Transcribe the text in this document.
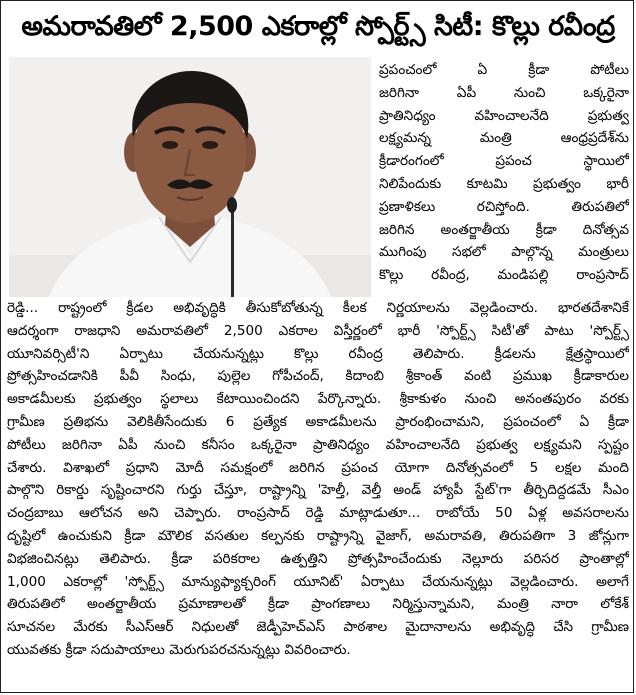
అమరావతిలో 2,500 ఎకరాల్లో స్పోర్ట్స్ సిటీ: కొల్లు రవీంద్ర
ప్రపంచంలో ఏ క్రీడా పోటీలు
జరిగినా ఏపీ నుంచి ఒక్కరైనా
ప్రాతినిధ్యం వహించాలనేది ప్రభుత్వ
లక్ష్యమన్న మంత్రి ఆంధ్రప్రదేశ్‌ను
క్రీడారంగంలో ప్రపంచ స్థాయిలో
నిలిపేందుకు కూటమి ప్రభుత్వం భారీ
ప్రణాళికలు రచిస్తోంది. తిరుపతిలో
జరిగిన అంతర్జాతీయ క్రీడా దినోత్సవ
ముగింపు సభలో పాల్గొన్న మంత్రులు
కొల్లు రవీంద్ర, మండిపల్లి రాంప్రసాద్
రెడ్డి... రాష్ట్రంలో క్రీడల అభివృద్ధికి తీసుకోబోతున్న కీలక నిర్ణయాలను వెల్లడించారు. భారతదేశానికే
ఆదర్శంగా రాజధాని అమరావతిలో 2,500 ఎకరాల విస్తీర్ణంలో భారీ 'స్పోర్ట్స్ సిటీ'తో పాటు 'స్పోర్ట్స్
యూనివర్సిటీ'ని ఏర్పాటు చేయనున్నట్లు కొల్లు రవీంద్ర తెలిపారు. క్రీడలను క్షేత్రస్థాయిలో
ప్రోత్సహించడానికి పీవీ సింధు, పుల్లెల గోపీచంద్, కిదాంబి శ్రీకాంత్ వంటి ప్రముఖ క్రీడాకారుల
అకాడమీలకు ప్రభుత్వం స్థలాలు కేటాయించిందని పేర్కొన్నారు. శ్రీకాకుళం నుంచి అనంతపురం వరకు
గ్రామీణ ప్రతిభను వెలికితీసేందుకు 6 ప్రత్యేక అకాడమీలను ప్రారంభించామని, ప్రపంచంలో ఏ క్రీడా
పోటీలు జరిగినా ఏపీ నుంచి కనీసం ఒక్కరైనా ప్రాతినిధ్యం వహించాలనేది ప్రభుత్వ లక్ష్యమని స్పష్టం
చేశారు. విశాఖలో ప్రధాని మోదీ సమక్షంలో జరిగిన ప్రపంచ యోగా దినోత్సవంలో 5 లక్షల మంది
పాల్గొని రికార్డు సృష్టించారని గుర్తు చేస్తూ, రాష్ట్రాన్ని 'హెల్తీ, వెల్తీ అండ్ హ్యాపీ స్టేట్'గా తీర్చిదిద్దడమే సీఎం
చంద్రబాబు ఆలోచన అని చెప్పారు. రాంప్రసాద్ రెడ్డి మాట్లాడుతూ... రాబోయే 50 ఏళ్ల అవసరాలను
దృష్టిలో ఉంచుకుని క్రీడా మౌలిక వసతుల కల్పనకు రాష్ట్రాన్ని వైజాగ్, అమరావతి, తిరుపతిగా 3 జోన్లుగా
విభజించినట్లు తెలిపారు. క్రీడా పరికరాల ఉత్పత్తిని ప్రోత్సహించేందుకు నెల్లూరు పరిసర ప్రాంతాల్లో
1,000 ఎకరాల్లో 'స్పోర్ట్స్ మాన్యుఫ్యాక్చరింగ్ యూనిట్' ఏర్పాటు చేయనున్నట్లు వెల్లడించారు. అలాగే
తిరుపతిలో అంతర్జాతీయ ప్రమాణాలతో క్రీడా ప్రాంగణాలు నిర్మిస్తున్నామని, మంత్రి నారా లోకేశ్
సూచనల మేరకు సీఎస్ఆర్ నిధులతో జెడ్పీహెచ్ఎస్ పాఠశాల మైదానాలను అభివృద్ధి చేసి గ్రామీణ
యువతకు క్రీడా సదుపాయాలు మెరుగుపరచనున్నట్లు వివరించారు.
